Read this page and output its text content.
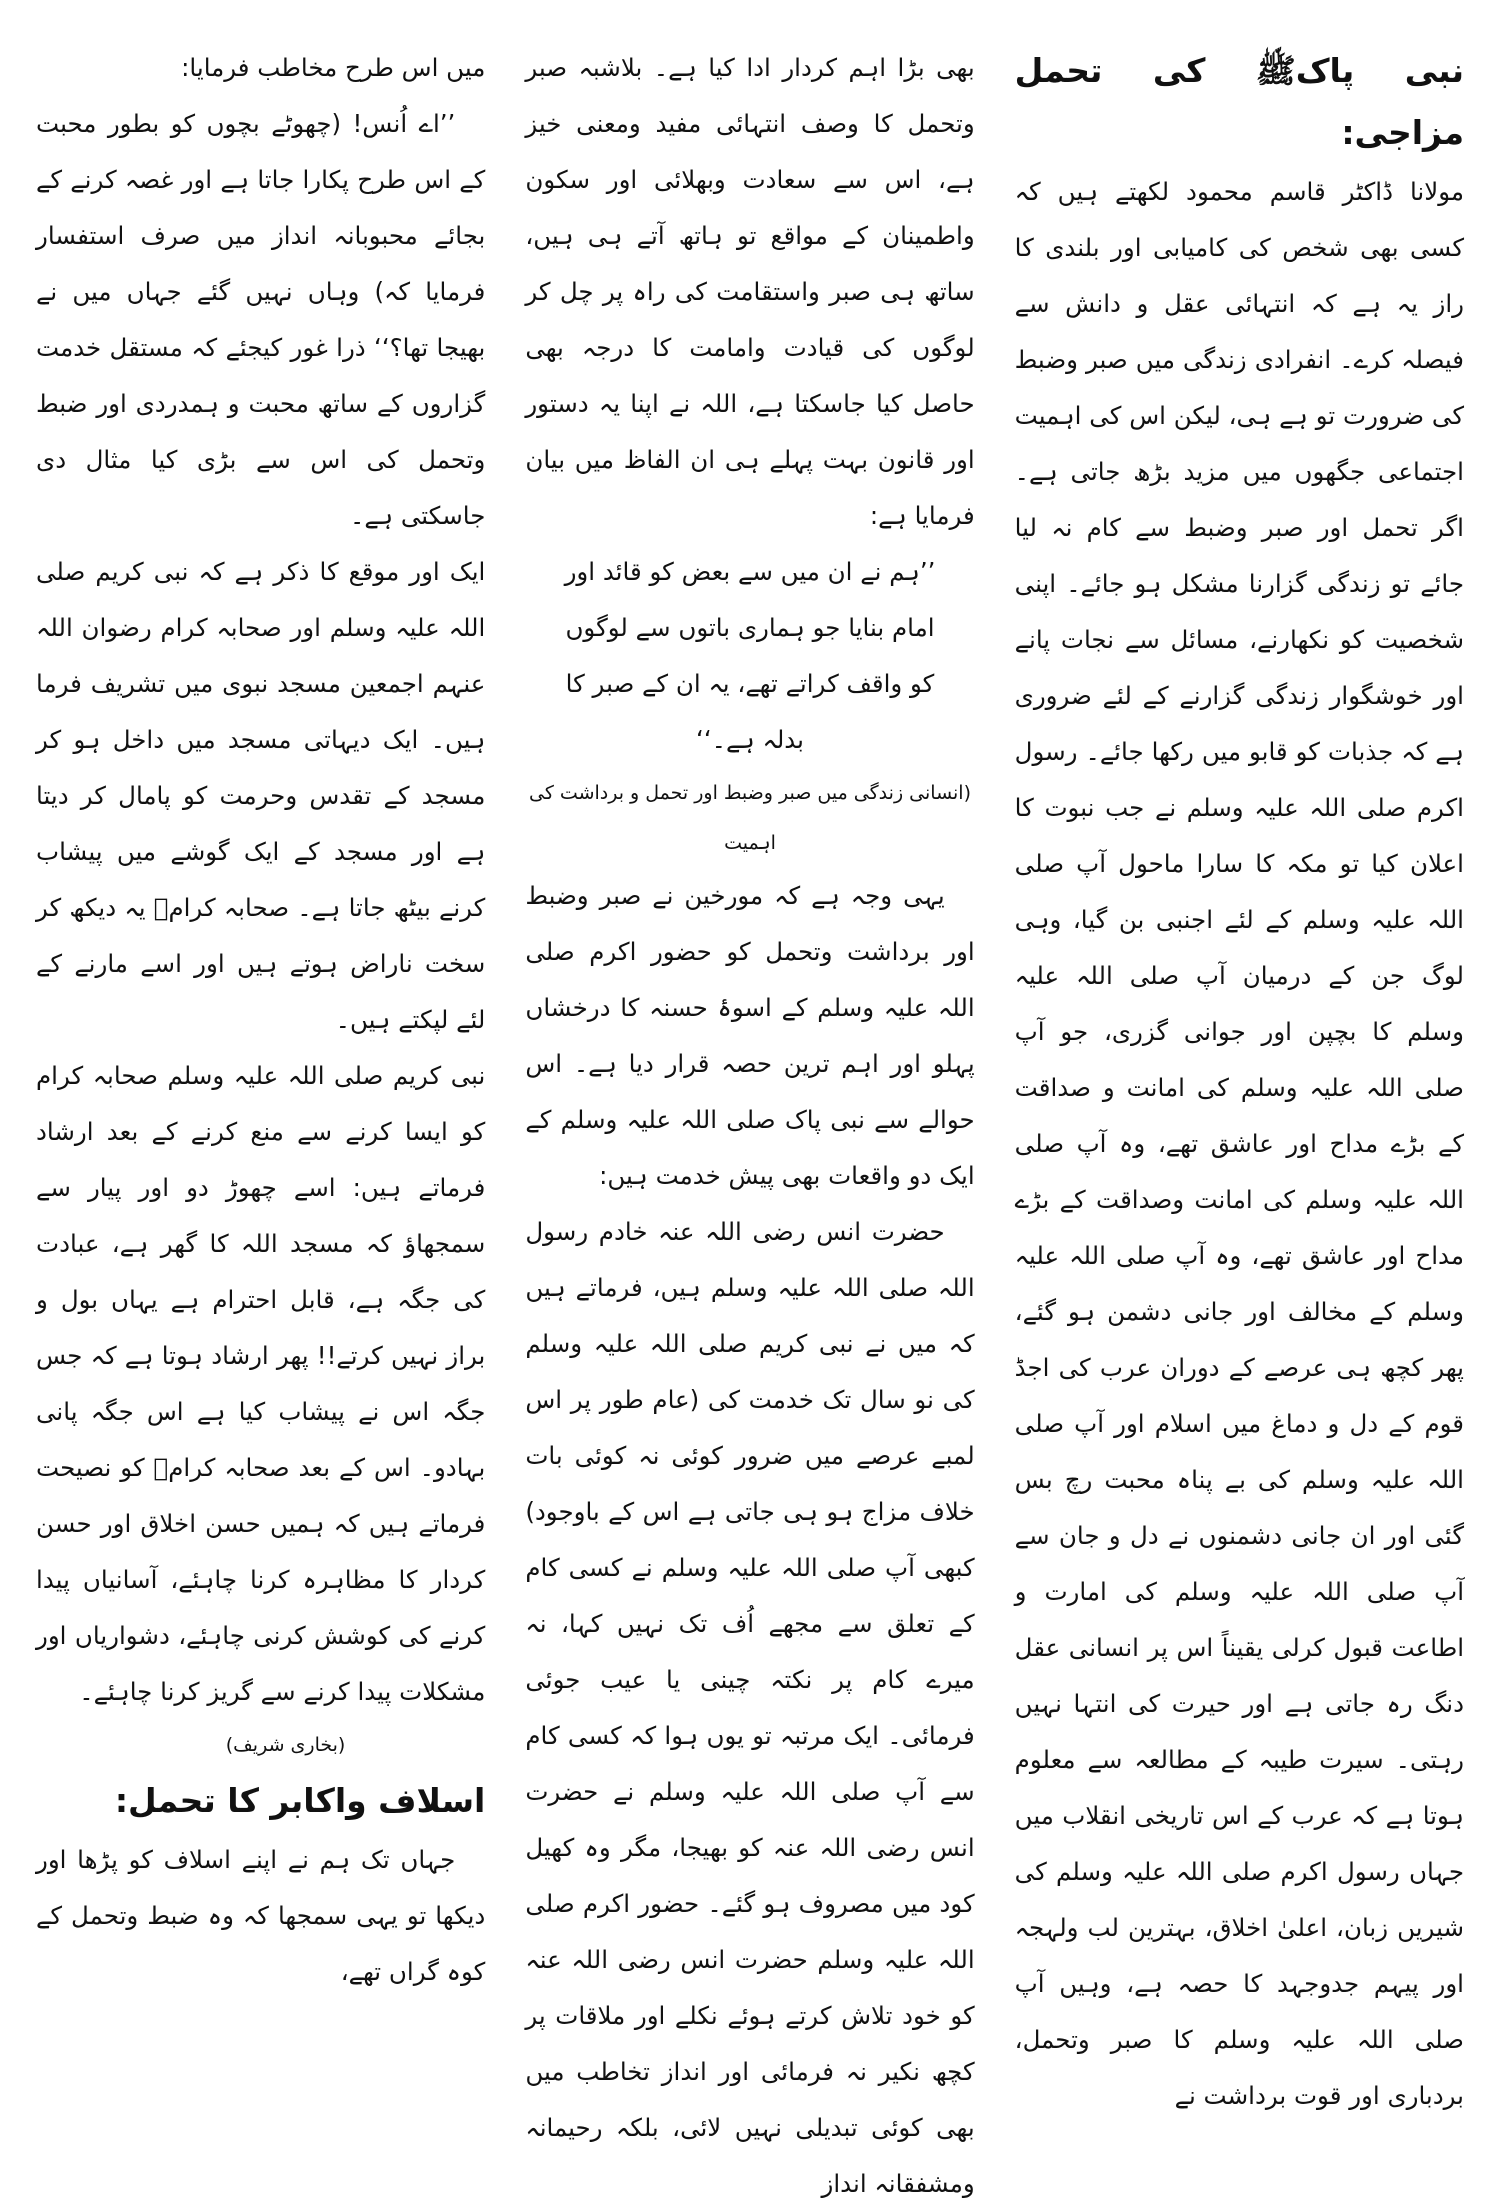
نبی پاکﷺ کی تحمل مزاجی:

مولانا ڈاکٹر قاسم محمود لکھتے ہیں کہ کسی بھی شخص کی کامیابی اور بلندی کا راز یہ ہے کہ انتہائی عقل و دانش سے فیصلہ کرے۔ انفرادی زندگی میں صبر وضبط کی ضرورت تو ہے ہی، لیکن اس کی اہمیت اجتماعی جگھوں میں مزید بڑھ جاتی ہے۔ اگر تحمل اور صبر وضبط سے کام نہ لیا جائے تو زندگی گزارنا مشکل ہو جائے۔ اپنی شخصیت کو نکھارنے، مسائل سے نجات پانے اور خوشگوار زندگی گزارنے کے لئے ضروری ہے کہ جذبات کو قابو میں رکھا جائے۔ رسول اکرم صلی اللہ علیہ وسلم نے جب نبوت کا اعلان کیا تو مکہ کا سارا ماحول آپ صلی اللہ علیہ وسلم کے لئے اجنبی بن گیا، وہی لوگ جن کے درمیان آپ صلی اللہ علیہ وسلم کا بچپن اور جوانی گزری، جو آپ صلی اللہ علیہ وسلم کی امانت و صداقت کے بڑے مداح اور عاشق تھے، وہ آپ صلی اللہ علیہ وسلم کی امانت وصداقت کے بڑے مداح اور عاشق تھے، وہ آپ صلی اللہ علیہ وسلم کے مخالف اور جانی دشمن ہو گئے، پھر کچھ ہی عرصے کے دوران عرب کی اجڈ قوم کے دل و دماغ میں اسلام اور آپ صلی اللہ علیہ وسلم کی بے پناہ محبت رچ بس گئی اور ان جانی دشمنوں نے دل و جان سے آپ صلی اللہ علیہ وسلم کی امارت و اطاعت قبول کرلی یقیناً اس پر انسانی عقل دنگ رہ جاتی ہے اور حیرت کی انتہا نہیں رہتی۔ سیرت طیبہ کے مطالعہ سے معلوم ہوتا ہے کہ عرب کے اس تاریخی انقلاب میں جہاں رسول اکرم صلی اللہ علیہ وسلم کی شیریں زبان، اعلیٰ اخلاق، بہترین لب ولہجہ اور پیہم جدوجہد کا حصہ ہے، وہیں آپ صلی اللہ علیہ وسلم کا صبر وتحمل، بردباری اور قوت برداشت نے

بھی بڑا اہم کردار ادا کیا ہے۔ بلاشبہ صبر وتحمل کا وصف انتہائی مفید ومعنی خیز ہے، اس سے سعادت وبھلائی اور سکون واطمینان کے مواقع تو ہاتھ آتے ہی ہیں، ساتھ ہی صبر واستقامت کی راہ پر چل کر لوگوں کی قیادت وامامت کا درجہ بھی حاصل کیا جاسکتا ہے، اللہ نے اپنا یہ دستور اور قانون بہت پہلے ہی ان الفاظ میں بیان فرمایا ہے:

’’ہم نے ان میں سے بعض کو قائد اور امام بنایا جو ہماری باتوں سے لوگوں کو واقف کراتے تھے، یہ ان کے صبر کا بدلہ ہے۔‘‘

(انسانی زندگی میں صبر وضبط اور تحمل و برداشت کی اہمیت

یہی وجہ ہے کہ مورخین نے صبر وضبط اور برداشت وتحمل کو حضور اکرم صلی اللہ علیہ وسلم کے اسوۂ حسنہ کا درخشاں پہلو اور اہم ترین حصہ قرار دیا ہے۔ اس حوالے سے نبی پاک صلی اللہ علیہ وسلم کے ایک دو واقعات بھی پیش خدمت ہیں:

حضرت انس رضی اللہ عنہ خادم رسول اللہ صلی اللہ علیہ وسلم ہیں، فرماتے ہیں کہ میں نے نبی کریم صلی اللہ علیہ وسلم کی نو سال تک خدمت کی (عام طور پر اس لمبے عرصے میں ضرور کوئی نہ کوئی بات خلاف مزاج ہو ہی جاتی ہے اس کے باوجود) کبھی آپ صلی اللہ علیہ وسلم نے کسی کام کے تعلق سے مجھے اُف تک نہیں کہا، نہ میرے کام پر نکتہ چینی یا عیب جوئی فرمائی۔ ایک مرتبہ تو یوں ہوا کہ کسی کام سے آپ صلی اللہ علیہ وسلم نے حضرت انس رضی اللہ عنہ کو بھیجا، مگر وہ کھیل کود میں مصروف ہو گئے۔ حضور اکرم صلی اللہ علیہ وسلم حضرت انس رضی اللہ عنہ کو خود تلاش کرتے ہوئے نکلے اور ملاقات پر کچھ نکیر نہ فرمائی اور انداز تخاطب میں بھی کوئی تبدیلی نہیں لائی، بلکہ رحیمانہ ومشفقانہ انداز

میں اس طرح مخاطب فرمایا:

’’اے اُنس! (چھوٹے بچوں کو بطور محبت کے اس طرح پکارا جاتا ہے اور غصہ کرنے کے بجائے محبوبانہ انداز میں صرف استفسار فرمایا کہ) وہاں نہیں گئے جہاں میں نے بھیجا تھا؟‘‘ ذرا غور کیجئے کہ مستقل خدمت گزاروں کے ساتھ محبت و ہمدردی اور ضبط وتحمل کی اس سے بڑی کیا مثال دی جاسکتی ہے۔

ایک اور موقع کا ذکر ہے کہ نبی کریم صلی اللہ علیہ وسلم اور صحابہ کرام رضوان اللہ عنہم اجمعین مسجد نبوی میں تشریف فرما ہیں۔ ایک دیہاتی مسجد میں داخل ہو کر مسجد کے تقدس وحرمت کو پامال کر دیتا ہے اور مسجد کے ایک گوشے میں پیشاب کرنے بیٹھ جاتا ہے۔ صحابہ کرامؓ یہ دیکھ کر سخت ناراض ہوتے ہیں اور اسے مارنے کے لئے لپکتے ہیں۔

نبی کریم صلی اللہ علیہ وسلم صحابہ کرام کو ایسا کرنے سے منع کرنے کے بعد ارشاد فرماتے ہیں: اسے چھوڑ دو اور پیار سے سمجھاؤ کہ مسجد اللہ کا گھر ہے، عبادت کی جگہ ہے، قابل احترام ہے یہاں بول و براز نہیں کرتے!! پھر ارشاد ہوتا ہے کہ جس جگہ اس نے پیشاب کیا ہے اس جگہ پانی بہادو۔ اس کے بعد صحابہ کرامؓ کو نصیحت فرماتے ہیں کہ ہمیں حسن اخلاق اور حسن کردار کا مظاہرہ کرنا چاہئے، آسانیاں پیدا کرنے کی کوشش کرنی چاہئے، دشواریاں اور مشکلات پیدا کرنے سے گریز کرنا چاہئے۔

(بخاری شریف)

اسلاف واکابر کا تحمل:

جہاں تک ہم نے اپنے اسلاف کو پڑھا اور دیکھا تو یہی سمجھا کہ وہ ضبط وتحمل کے کوہ گراں تھے،
